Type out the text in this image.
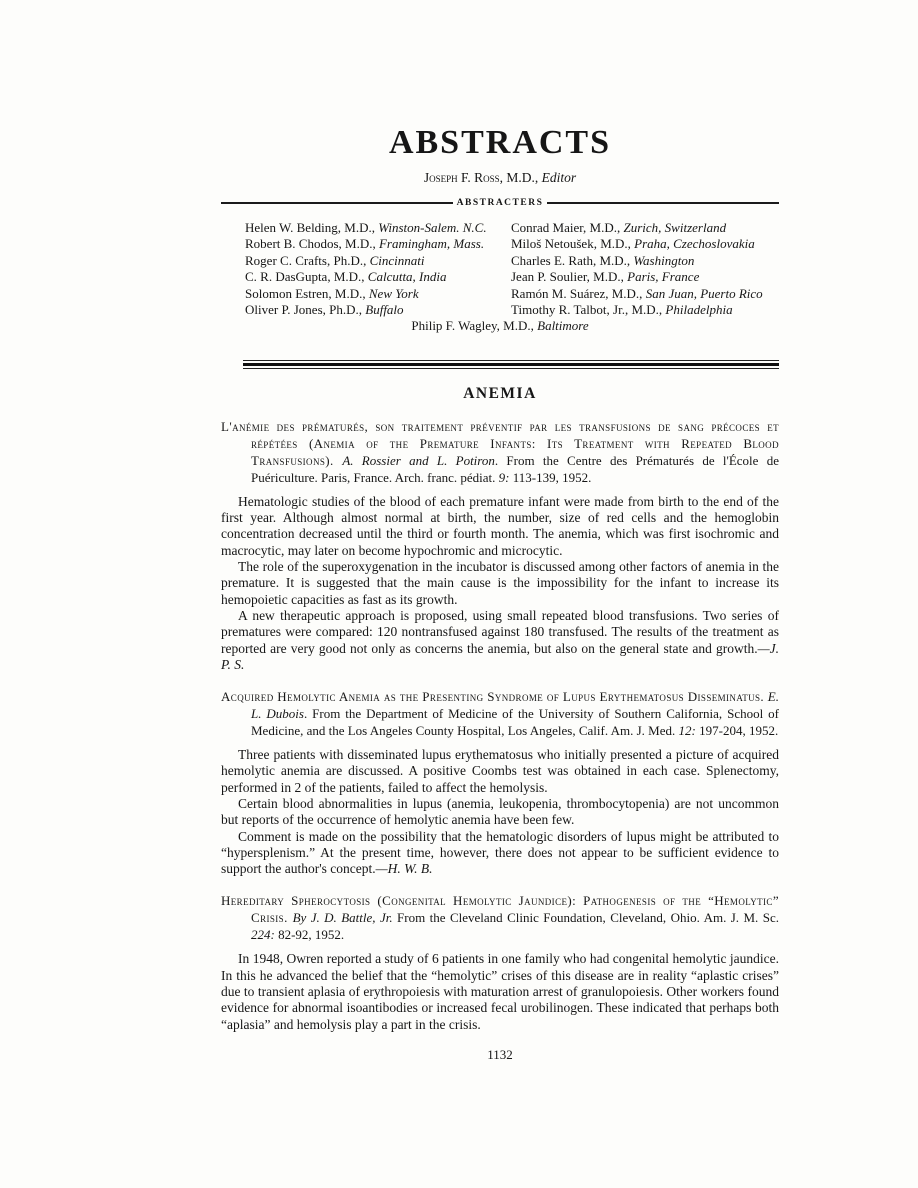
ABSTRACTS
Joseph F. Ross, M.D., Editor
ABSTRACTERS
Helen W. Belding, M.D., Winston-Salem. N.C.
Robert B. Chodos, M.D., Framingham, Mass.
Roger C. Crafts, Ph.D., Cincinnati
C. R. DasGupta, M.D., Calcutta, India
Solomon Estren, M.D., New York
Oliver P. Jones, Ph.D., Buffalo
Conrad Maier, M.D., Zurich, Switzerland
Miloš Netoušek, M.D., Praha, Czechoslovakia
Charles E. Rath, M.D., Washington
Jean P. Soulier, M.D., Paris, France
Ramón M. Suárez, M.D., San Juan, Puerto Rico
Timothy R. Talbot, Jr., M.D., Philadelphia
Philip F. Wagley, M.D., Baltimore
ANEMIA
L'anémie des prématurés, son traitement préventif par les transfusions de sang précoces et répétées (Anemia of the Premature Infants: Its Treatment with Repeated Blood Transfusions). A. Rossier and L. Potiron. From the Centre des Prématurés de l'École de Puériculture. Paris, France. Arch. franc. pédiat. 9: 113-139, 1952.

Hematologic studies of the blood of each premature infant were made from birth to the end of the first year. Although almost normal at birth, the number, size of red cells and the hemoglobin concentration decreased until the third or fourth month. The anemia, which was first isochromic and macrocytic, may later on become hypochromic and microcytic.

The role of the superoxygenation in the incubator is discussed among other factors of anemia in the premature. It is suggested that the main cause is the impossibility for the infant to increase its hemopoietic capacities as fast as its growth.

A new therapeutic approach is proposed, using small repeated blood transfusions. Two series of prematures were compared: 120 nontransfused against 180 transfused. The results of the treatment as reported are very good not only as concerns the anemia, but also on the general state and growth.—J. P. S.

Acquired Hemolytic Anemia as the Presenting Syndrome of Lupus Erythematosus Disseminatus. E. L. Dubois. From the Department of Medicine of the University of Southern California, School of Medicine, and the Los Angeles County Hospital, Los Angeles, Calif. Am. J. Med. 12: 197-204, 1952.

Three patients with disseminated lupus erythematosus who initially presented a picture of acquired hemolytic anemia are discussed. A positive Coombs test was obtained in each case. Splenectomy, performed in 2 of the patients, failed to affect the hemolysis.

Certain blood abnormalities in lupus (anemia, leukopenia, thrombocytopenia) are not uncommon but reports of the occurrence of hemolytic anemia have been few.

Comment is made on the possibility that the hematologic disorders of lupus might be attributed to “hypersplenism.” At the present time, however, there does not appear to be sufficient evidence to support the author's concept.—H. W. B.

Hereditary Spherocytosis (Congenital Hemolytic Jaundice): Pathogenesis of the “Hemolytic” Crisis. By J. D. Battle, Jr. From the Cleveland Clinic Foundation, Cleveland, Ohio. Am. J. M. Sc. 224: 82-92, 1952.

In 1948, Owren reported a study of 6 patients in one family who had congenital hemolytic jaundice. In this he advanced the belief that the “hemolytic” crises of this disease are in reality “aplastic crises” due to transient aplasia of erythropoiesis with maturation arrest of granulopoiesis. Other workers found evidence for abnormal isoantibodies or increased fecal urobilinogen. These indicated that perhaps both “aplasia” and hemolysis play a part in the crisis.

1132
